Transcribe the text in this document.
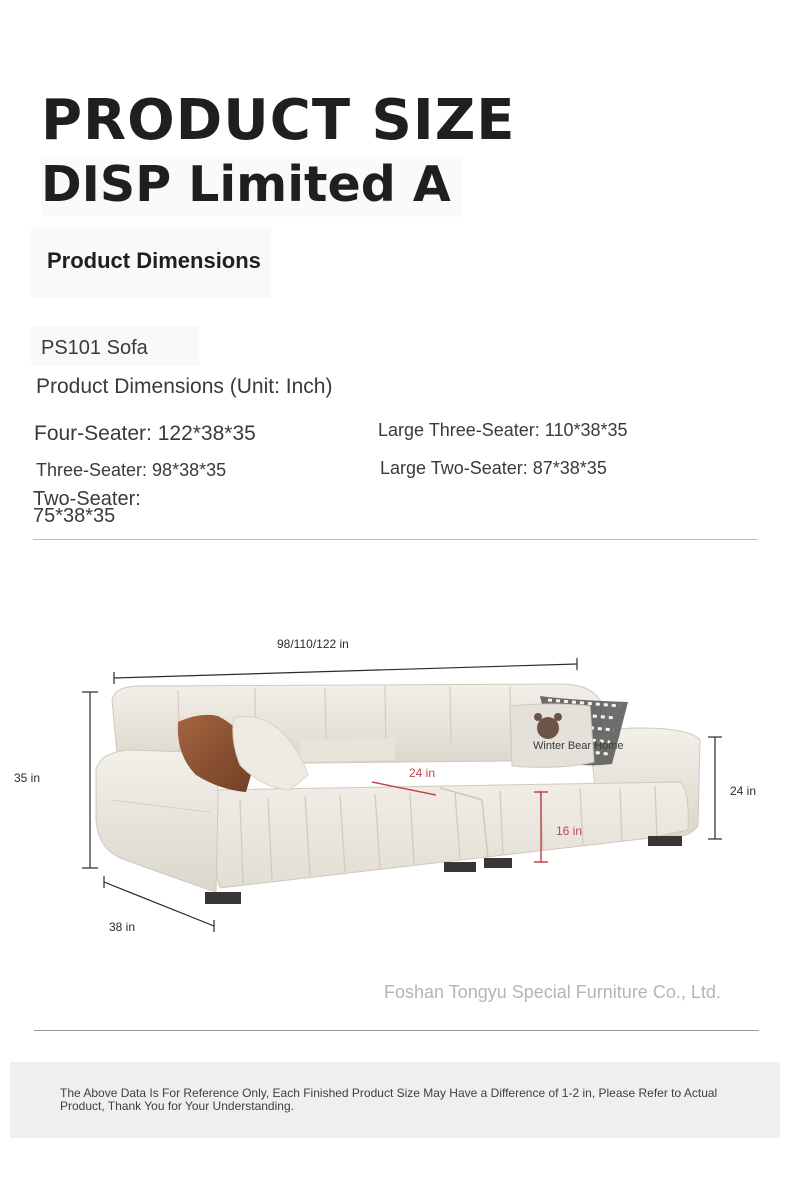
PRODUCT SIZE
DISP Limited A
Product Dimensions
PS101 Sofa
Product Dimensions (Unit: Inch)
Four-Seater: 122*38*35	Large Three-Seater: 110*38*35
Three-Seater: 98*38*35	Large Two-Seater: 87*38*35
Two-Seater:
75*38*35
98/110/122 in
35 in
38 in
24 in
24 in
16 in
Winter Bear Home
Foshan Tongyu Special Furniture Co., Ltd.
The Above Data Is For Reference Only, Each Finished Product Size May Have a Difference of 1-2 in, Please Refer to Actual Product, Thank You for Your Understanding.
